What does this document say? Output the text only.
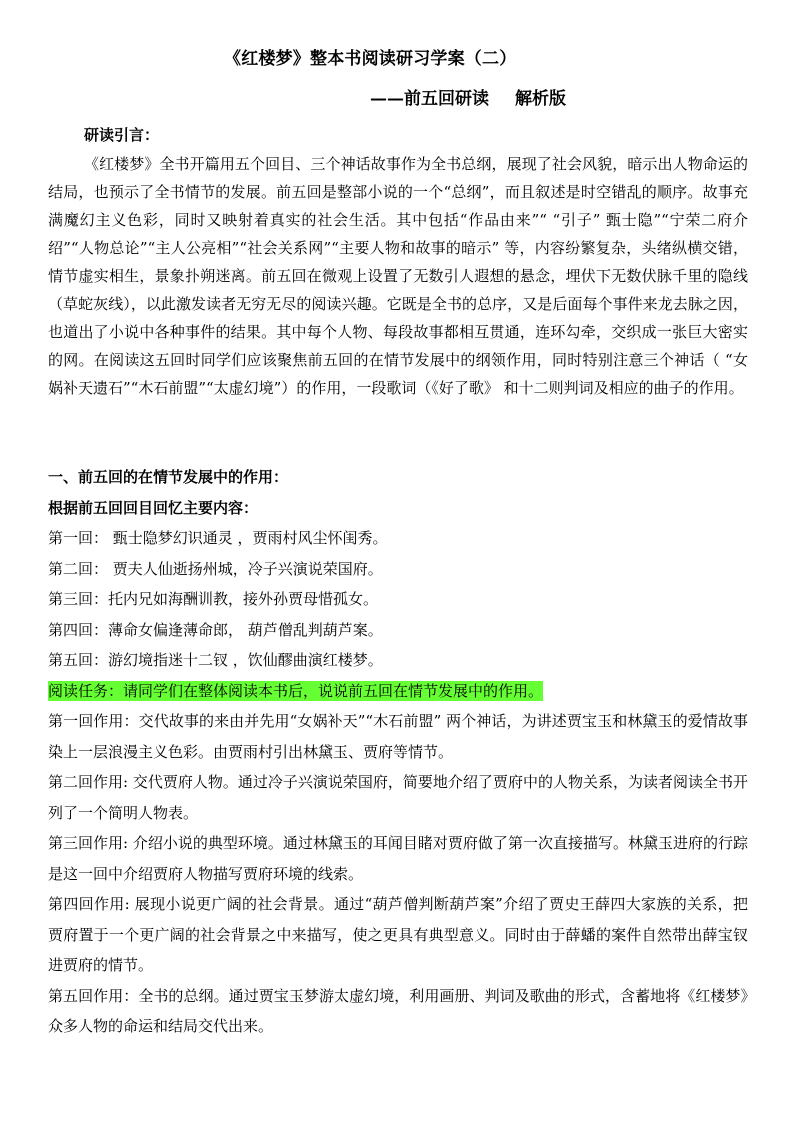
《红楼梦》整本书阅读研习学案（二）
——前五回研读 解析版
研读引言：
《红楼梦》全书开篇用五个回目、三个神话故事作为全书总纲，展现了社会风貌，暗示出人物命运的结局，也预示了全书情节的发展。前五回是整部小说的一个“总纲”，而且叙述是时空错乱的顺序。故事充满魔幻主义色彩，同时又映射着真实的社会生活。其中包括“作品由来”“ “引子” 甄士隐”“宁荣二府介绍”“人物总论”“主人公亮相”“社会关系网”“主要人物和故事的暗示” 等，内容纷繁复杂，头绪纵横交错，情节虚实相生，景象扑朔迷离。前五回在微观上设置了无数引人遐想的悬念，埋伏下无数伏脉千里的隐线（草蛇灰线），以此激发读者无穷无尽的阅读兴趣。它既是全书的总序，又是后面每个事件来龙去脉之因，也道出了小说中各种事件的结果。其中每个人物、每段故事都相互贯通，连环勾牵，交织成一张巨大密实的网。在阅读这五回时同学们应该聚焦前五回的在情节发展中的纲领作用，同时特别注意三个神话（ “女娲补天遗石”“木石前盟”“太虚幻境”）的作用，一段歌词（《好了歌》 和十二则判词及相应的曲子的作用。

一、前五回的在情节发展中的作用：

根据前五回回目回忆主要内容：

第一回： 甄士隐梦幻识通灵 ，贾雨村风尘怀闺秀。

第二回： 贾夫人仙逝扬州城，冷子兴演说荣国府。

第三回：托内兄如海酬训教，接外孙贾母惜孤女。

第四回：薄命女偏逢薄命郎， 葫芦僧乱判葫芦案。

第五回：游幻境指迷十二钗 ，饮仙醪曲演红楼梦。

阅读任务：请同学们在整体阅读本书后，说说前五回在情节发展中的作用。

第一回作用：交代故事的来由并先用“女娲补天”“木石前盟” 两个神话，为讲述贾宝玉和林黛玉的爱情故事染上一层浪漫主义色彩。由贾雨村引出林黛玉、贾府等情节。

第二回作用: 交代贾府人物。通过冷子兴演说荣国府，简要地介绍了贾府中的人物关系，为读者阅读全书开列了一个简明人物表。

第三回作用: 介绍小说的典型环境。通过林黛玉的耳闻目睹对贾府做了第一次直接描写。林黛玉进府的行踪是这一回中介绍贾府人物描写贾府环境的线索。

第四回作用: 展现小说更广阔的社会背景。通过“葫芦僧判断葫芦案”介绍了贾史王薛四大家族的关系，把贾府置于一个更广阔的社会背景之中来描写，使之更具有典型意义。同时由于薛蟠的案件自然带出薛宝钗进贾府的情节。

第五回作用：全书的总纲。通过贾宝玉梦游太虚幻境，利用画册、判词及歌曲的形式，含蓄地将《红楼梦》众多人物的命运和结局交代出来。
